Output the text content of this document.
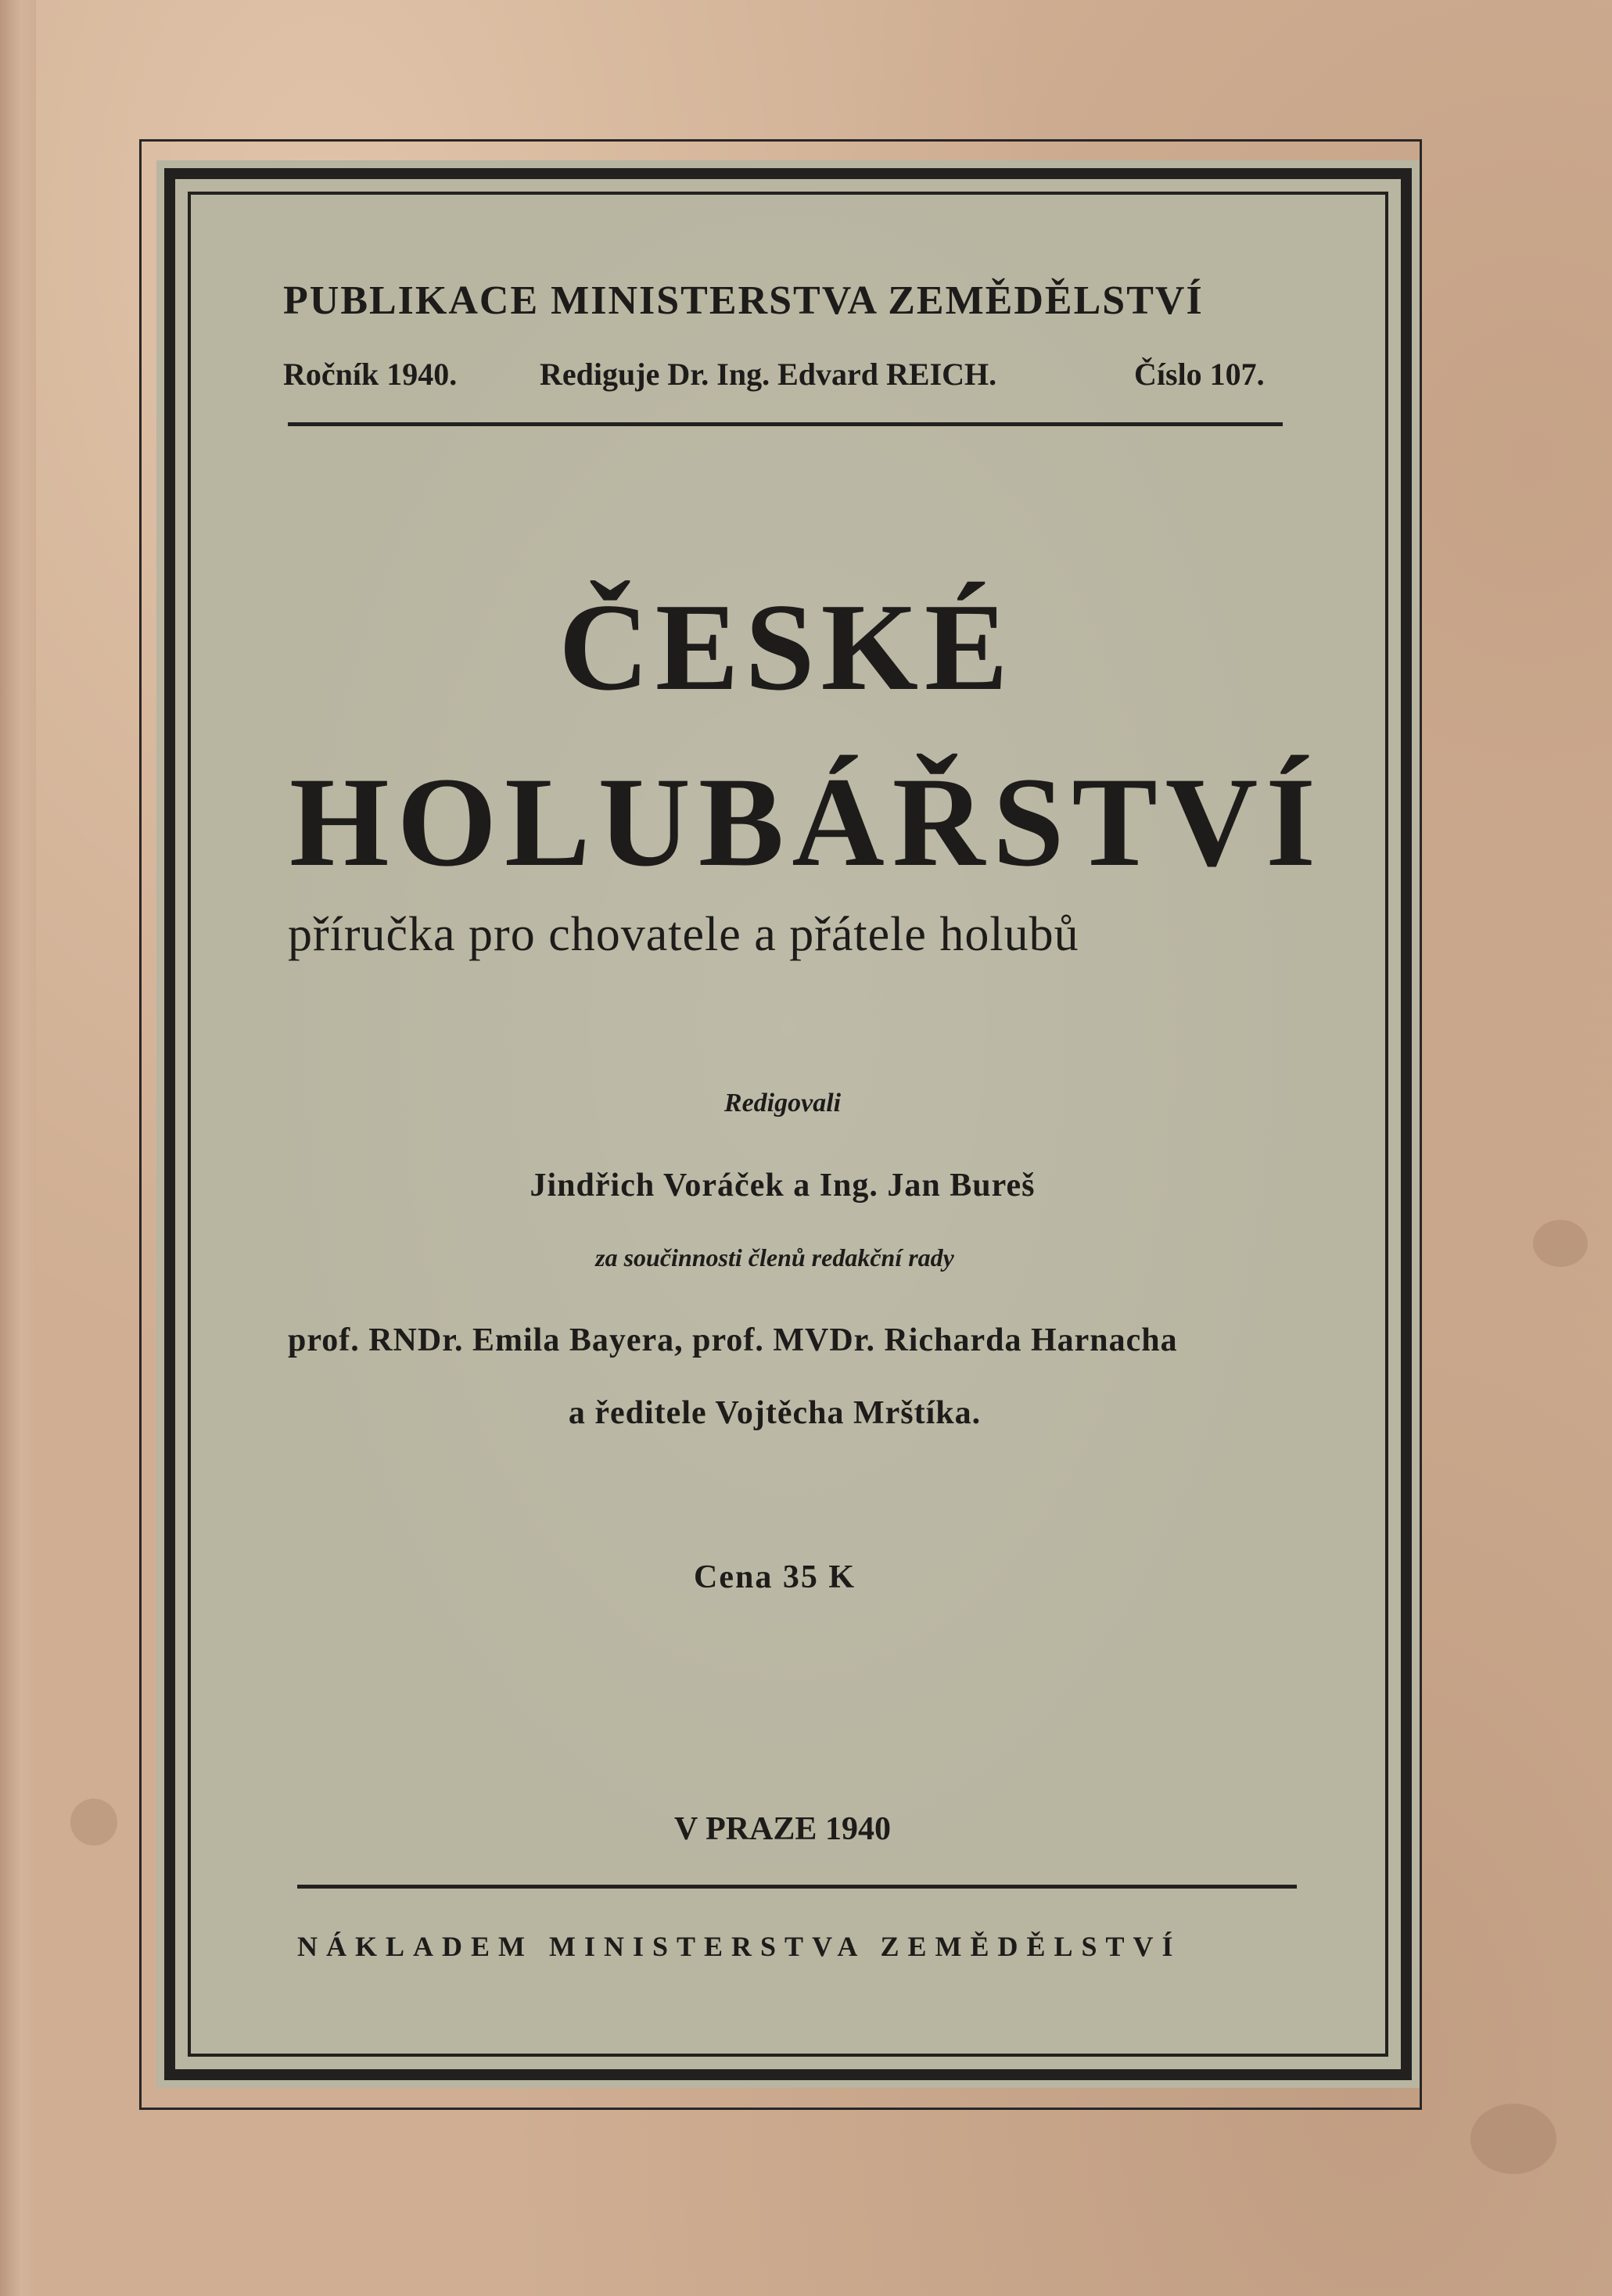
PUBLIKACE MINISTERSTVA ZEMĚDĚLSTVÍ

Ročník 1940.	Rediguje Dr. Ing. Edvard REICH.	Číslo 107.

ČESKÉ
HOLUBÁŘSTVÍ

příručka pro chovatele a přátele holubů

Redigovali

Jindřich Voráček a Ing. Jan Bureš

za součinnosti členů redakční rady

prof. RNDr. Emila Bayera, prof. MVDr. Richarda Harnacha

a ředitele Vojtěcha Mrštíka.

Cena 35 K

V PRAZE 1940

NÁKLADEM MINISTERSTVA ZEMĚDĚLSTVÍ
